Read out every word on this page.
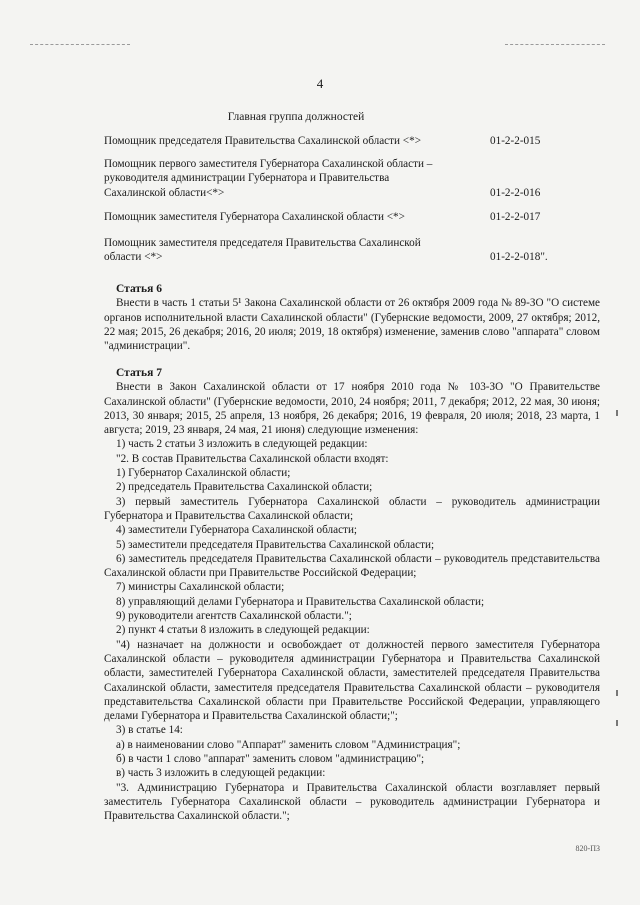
4
Главная группа должностей
Помощник председателя Правительства Сахалинской области <*>	01-2-2-015
Помощник первого заместителя Губернатора Сахалинской области – руководителя администрации Губернатора и Правительства Сахалинской области<*>	01-2-2-016
Помощник заместителя Губернатора Сахалинской области <*>	01-2-2-017
Помощник заместителя председателя Правительства Сахалинской области <*>	01-2-2-018".
Статья 6

Внести в часть 1 статьи 5¹ Закона Сахалинской области от 26 октября 2009 года № 89-ЗО "О системе органов исполнительной власти Сахалинской области" (Губернские ведомости, 2009, 27 октября; 2012, 22 мая; 2015, 26 декабря; 2016, 20 июля; 2019, 18 октября) изменение, заменив слово "аппарата" словом "администрации".

Статья 7

Внести в Закон Сахалинской области от 17 ноября 2010 года № 103-ЗО "О Правительстве Сахалинской области" (Губернские ведомости, 2010, 24 ноября; 2011, 7 декабря; 2012, 22 мая, 30 июня; 2013, 30 января; 2015, 25 апреля, 13 ноября, 26 декабря; 2016, 19 февраля, 20 июля; 2018, 23 марта, 1 августа; 2019, 23 января, 24 мая, 21 июня) следующие изменения:

1) часть 2 статьи 3 изложить в следующей редакции:

"2. В состав Правительства Сахалинской области входят:

1) Губернатор Сахалинской области;

2) председатель Правительства Сахалинской области;

3) первый заместитель Губернатора Сахалинской области – руководитель администрации Губернатора и Правительства Сахалинской области;

4) заместители Губернатора Сахалинской области;

5) заместители председателя Правительства Сахалинской области;

6) заместитель председателя Правительства Сахалинской области – руководитель представительства Сахалинской области при Правительстве Российской Федерации;

7) министры Сахалинской области;

8) управляющий делами Губернатора и Правительства Сахалинской области;

9) руководители агентств Сахалинской области.";

2) пункт 4 статьи 8 изложить в следующей редакции:

"4) назначает на должности и освобождает от должностей первого заместителя Губернатора Сахалинской области – руководителя администрации Губернатора и Правительства Сахалинской области, заместителей Губернатора Сахалинской области, заместителей председателя Правительства Сахалинской области, заместителя председателя Правительства Сахалинской области – руководителя представительства Сахалинской области при Правительстве Российской Федерации, управляющего делами Губернатора и Правительства Сахалинской области;";

3) в статье 14:

а) в наименовании слово "Аппарат" заменить словом "Администрация";

б) в части 1 слово "аппарат" заменить словом "администрацию";

в) часть 3 изложить в следующей редакции:

"3. Администрацию Губернатора и Правительства Сахалинской области возглавляет первый заместитель Губернатора Сахалинской области – руководитель администрации Губернатора и Правительства Сахалинской области.";

820-ПЗ
